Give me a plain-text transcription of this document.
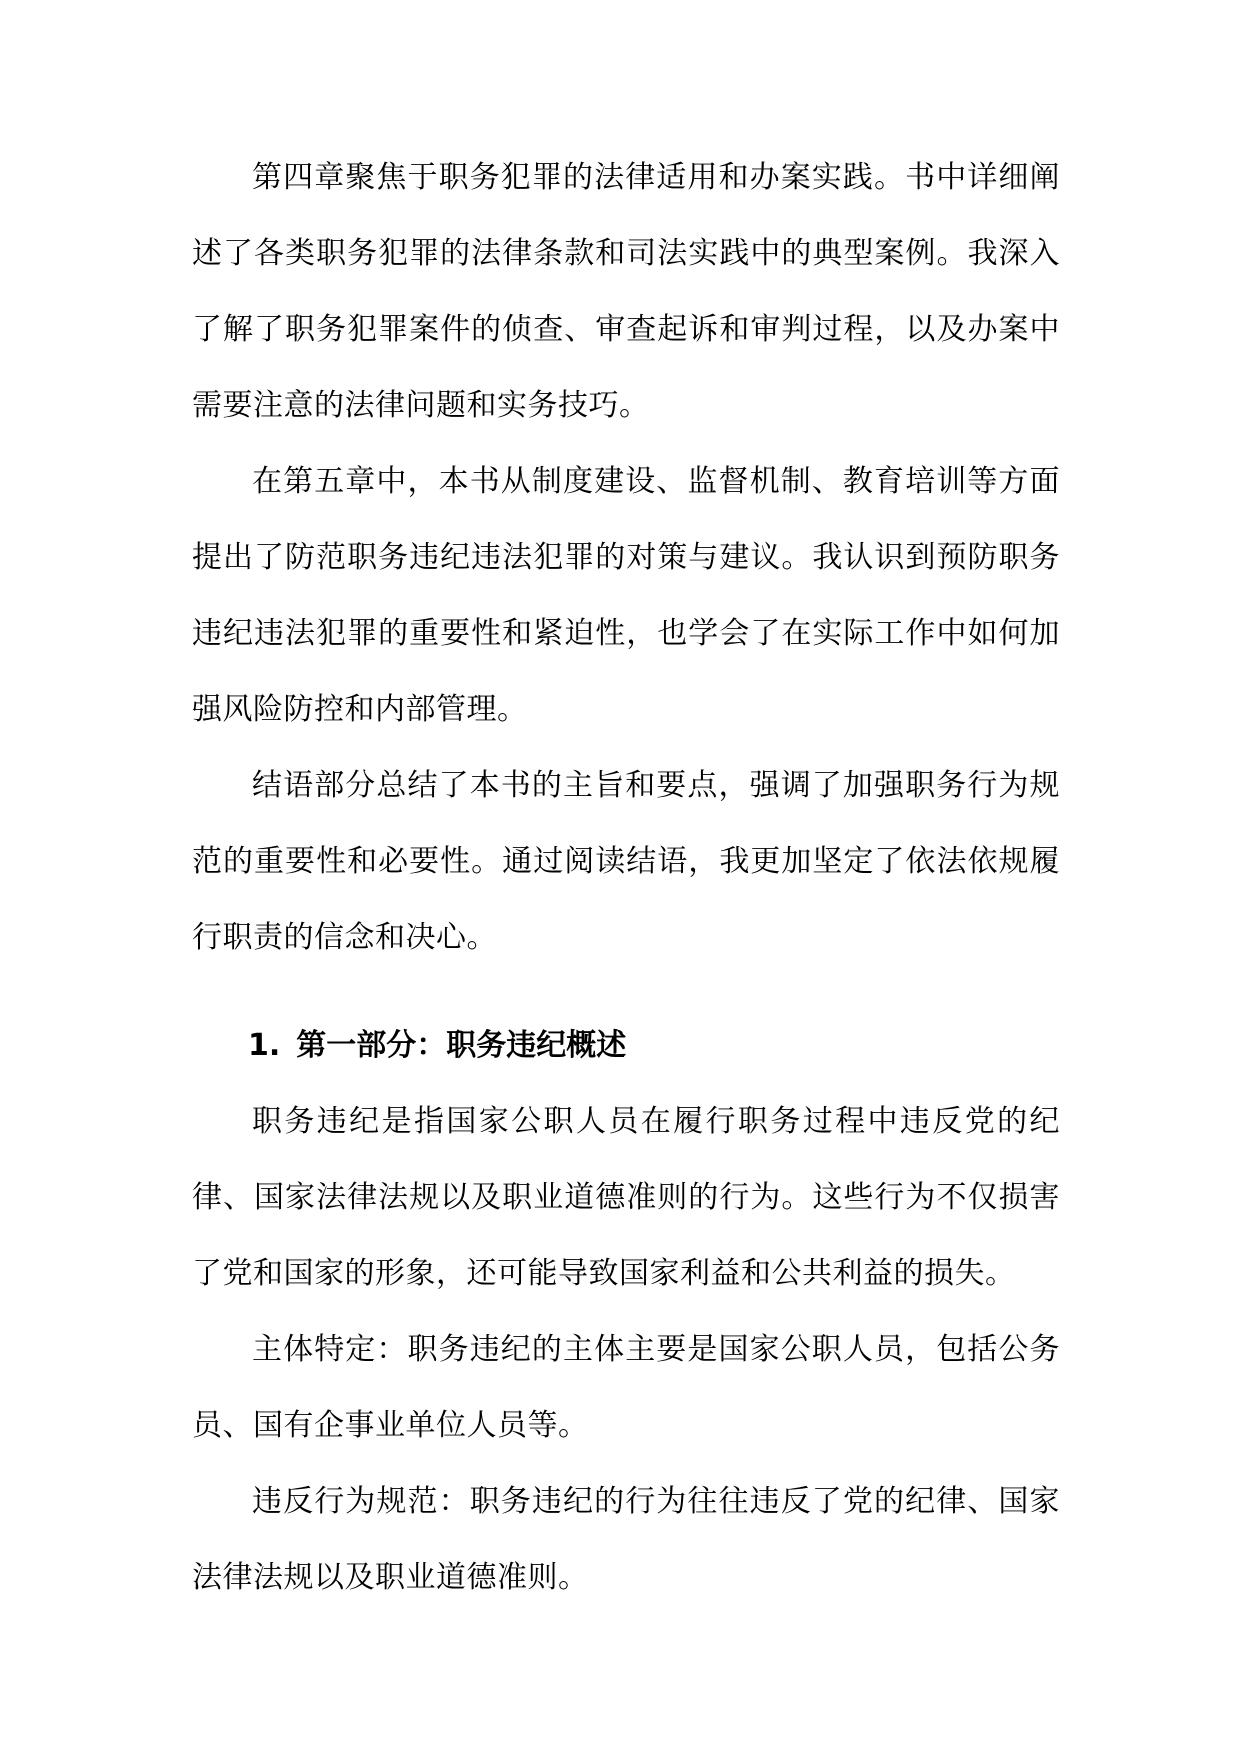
第四章聚焦于职务犯罪的法律适用和办案实践。书中详细阐述了各类职务犯罪的法律条款和司法实践中的典型案例。我深入了解了职务犯罪案件的侦查、审查起诉和审判过程，以及办案中需要注意的法律问题和实务技巧。

在第五章中，本书从制度建设、监督机制、教育培训等方面提出了防范职务违纪违法犯罪的对策与建议。我认识到预防职务违纪违法犯罪的重要性和紧迫性，也学会了在实际工作中如何加强风险防控和内部管理。

结语部分总结了本书的主旨和要点，强调了加强职务行为规范的重要性和必要性。通过阅读结语，我更加坚定了依法依规履行职责的信念和决心。

1. 第一部分：职务违纪概述

职务违纪是指国家公职人员在履行职务过程中违反党的纪律、国家法律法规以及职业道德准则的行为。这些行为不仅损害了党和国家的形象，还可能导致国家利益和公共利益的损失。

主体特定：职务违纪的主体主要是国家公职人员，包括公务员、国有企事业单位人员等。

违反行为规范：职务违纪的行为往往违反了党的纪律、国家法律法规以及职业道德准则。
